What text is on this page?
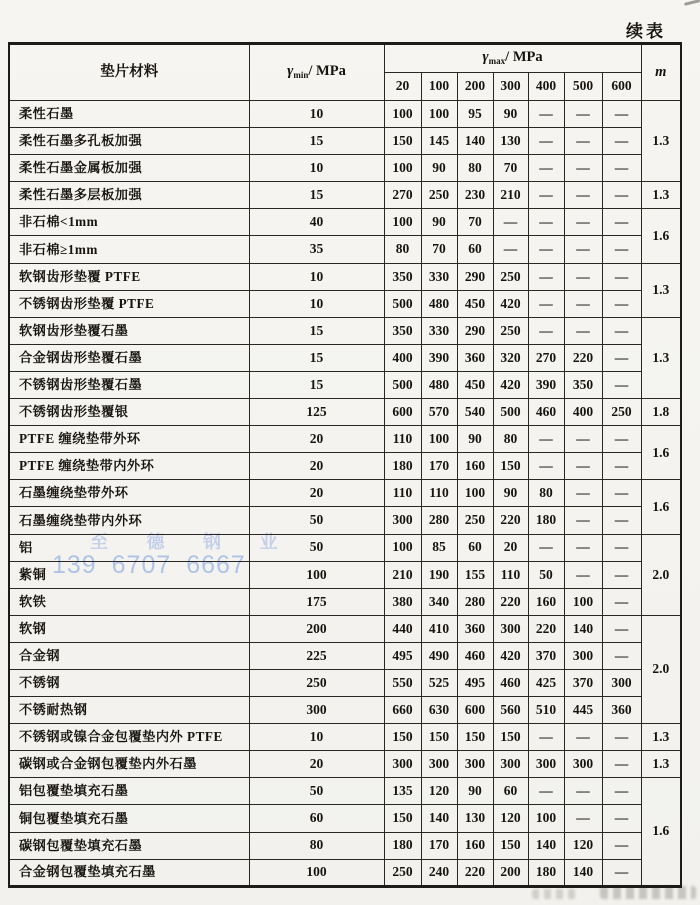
续表
至 德 钢 业
139 6707 6667
垫片材料	$\gamma_{min}/$ MPa	$\gamma_{max}/$ MPa							m
		20	100	200	300	400	500	600	
柔性石墨	10	100	100	95	90	—	—	—	1.3
柔性石墨多孔板加强	15	150	145	140	130	—	—	—	
柔性石墨金属板加强	10	100	90	80	70	—	—	—	
柔性石墨多层板加强	15	270	250	230	210	—	—	—	1.3
非石棉<1mm	40	100	90	70	—	—	—	—	1.6
非石棉≥1mm	35	80	70	60	—	—	—	—	
软钢齿形垫覆 PTFE	10	350	330	290	250	—	—	—	1.3
不锈钢齿形垫覆 PTFE	10	500	480	450	420	—	—	—	
软钢齿形垫覆石墨	15	350	330	290	250	—	—	—	1.3
合金钢齿形垫覆石墨	15	400	390	360	320	270	220	—	
不锈钢齿形垫覆石墨	15	500	480	450	420	390	350	—	
不锈钢齿形垫覆银	125	600	570	540	500	460	400	250	1.8
PTFE 缠绕垫带外环	20	110	100	90	80	—	—	—	1.6
PTFE 缠绕垫带内外环	20	180	170	160	150	—	—	—	
石墨缠绕垫带外环	20	110	110	100	90	80	—	—	1.6
石墨缠绕垫带内外环	50	300	280	250	220	180	—	—	
铝	50	100	85	60	20	—	—	—	2.0
紫铜	100	210	190	155	110	50	—	—	
软铁	175	380	340	280	220	160	100	—	
软钢	200	440	410	360	300	220	140	—	2.0
合金钢	225	495	490	460	420	370	300	—	
不锈钢	250	550	525	495	460	425	370	300	
不锈耐热钢	300	660	630	600	560	510	445	360	
不锈钢或镍合金包覆垫内外 PTFE	10	150	150	150	150	—	—	—	1.3
碳钢或合金钢包覆垫内外石墨	20	300	300	300	300	300	300	—	1.3
铝包覆垫填充石墨	50	135	120	90	60	—	—	—	1.6
铜包覆垫填充石墨	60	150	140	130	120	100	—	—	
碳钢包覆垫填充石墨	80	180	170	160	150	140	120	—	
合金钢包覆垫填充石墨	100	250	240	220	200	180	140	—	
